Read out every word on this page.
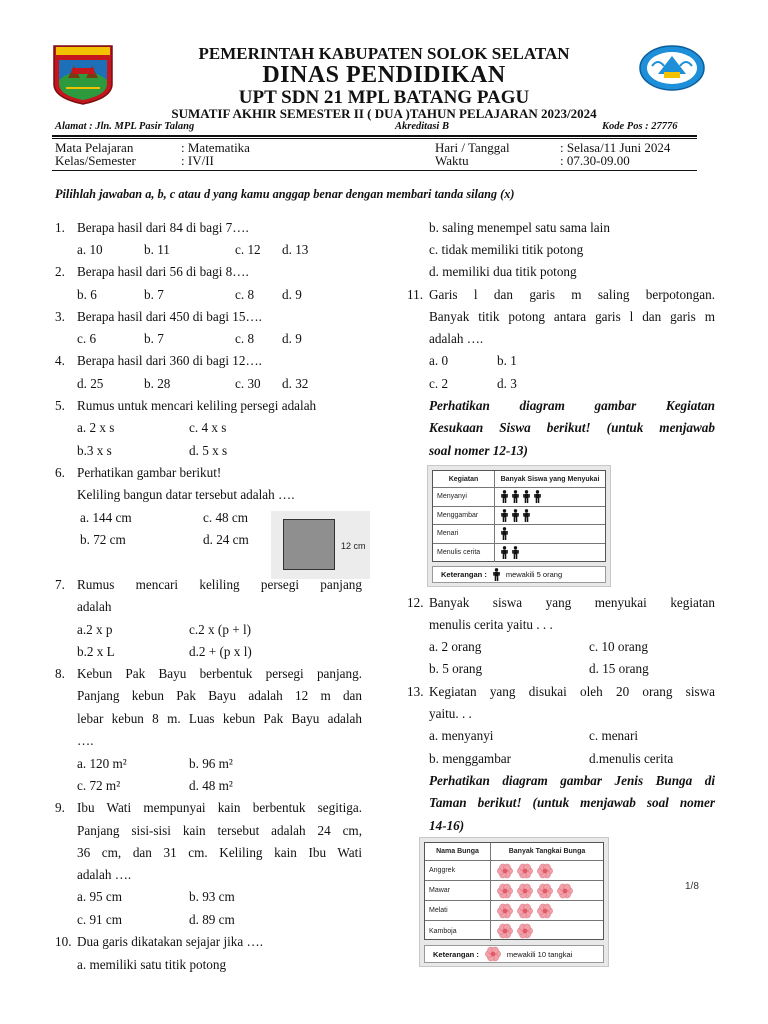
PEMERINTAH KABUPATEN SOLOK SELATAN
DINAS PENDIDIKAN
UPT SDN 21 MPL BATANG PAGU
SUMATIF AKHIR SEMESTER II ( DUA )TAHUN PELAJARAN 2023/2024
Alamat : Jln. MPL Pasir Talang	Akreditasi B	Kode Pos : 27776
Mata Pelajaran	: Matematika
Kelas/Semester	: IV/II
Hari / Tanggal	: Selasa/11 Juni 2024
Waktu	: 07.30-09.00
Pilihlah jawaban a, b, c atau d yang kamu anggap benar dengan membari tanda silang (x)
1. Berapa hasil dari 84 di bagi 7….
a. 10	b. 11	c. 12 d. 13
2. Berapa hasil dari 56 di bagi 8….
b. 6	b. 7	c. 8 d. 9
3. Berapa hasil dari 450 di bagi 15….
c. 6	b. 7	c. 8 d. 9
4. Berapa hasil dari 360 di bagi 12….
d. 25	b. 28	c. 30 d. 32
5. Rumus untuk mencari keliling persegi adalah
a. 2 x s	c. 4 x s
b.3 x s	d. 5 x s
6. Perhatikan gambar berikut!
Keliling bangun datar tersebut adalah ….
a. 144 cm	c. 48 cm
b. 72 cm	d. 24 cm	12 cm
7. Rumus mencari keliling persegi panjang
adalah
a.2 x p	c.2 x (p + l)
b.2 x L	d.2 + (p x l)
8. Kebun Pak Bayu berbentuk persegi panjang.
Panjang kebun Pak Bayu adalah 12 m dan
lebar kebun 8 m. Luas kebun Pak Bayu adalah
….
a. 120 m²	b. 96 m²
c. 72 m²	d. 48 m²
9. Ibu Wati mempunyai kain berbentuk segitiga.
Panjang sisi-sisi kain tersebut adalah 24 cm,
36 cm, dan 31 cm. Keliling kain Ibu Wati
adalah ….
a. 95 cm	b. 93 cm
c. 91 cm	d. 89 cm
10. Dua garis dikatakan sejajar jika ….
a. memiliki satu titik potong
b. saling menempel satu sama lain
c. tidak memiliki titik potong
d. memiliki dua titik potong
11. Garis l dan garis m saling berpotongan.
Banyak titik potong antara garis l dan garis m
adalah ….
a. 0	b. 1
c. 2	d. 3
Perhatikan diagram gambar Kegiatan
Kesukaan Siswa berikut! (untuk menjawab
soal nomer 12-13)
Kegiatan	Banyak Siswa yang Menyukai
Menyanyi
Menggambar
Menari
Menulis cerita
Keterangan :	mewakili 5 orang
12. Banyak siswa yang menyukai kegiatan
menulis cerita yaitu . . .
a. 2 orang	c. 10 orang
b. 5 orang	d. 15 orang
13. Kegiatan yang disukai oleh 20 orang siswa
yaitu. . .
a. menyanyi	c. menari
b. menggambar	d.menulis cerita
Perhatikan diagram gambar Jenis Bunga di
Taman berikut! (untuk menjawab soal nomer
14-16)
Nama Bunga	Banyak Tangkai Bunga
Anggrek
Mawar
Melati
Kamboja
Keterangan :	mewakili 10 tangkai
1/8
